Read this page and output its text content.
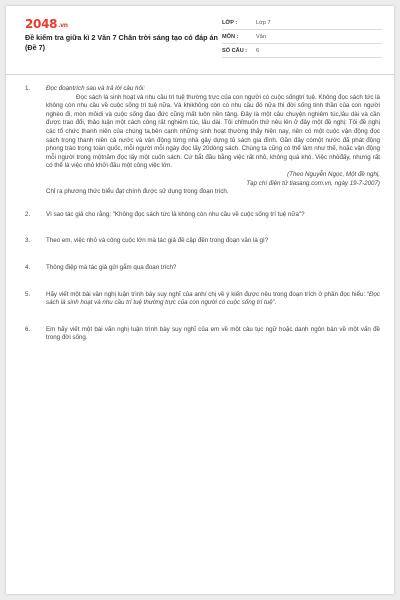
2048.vn
Đề kiểm tra giữa kì 2 Văn 7 Chân trời sáng tạo có đáp án (Đề 7)
LỚP :	Lớp 7
MÔN :	Văn
SỐ CÂU :	6
1.	Đọc đoạntrích sau và trả lời câu hỏi:
Đọc sách là sinh hoạt và nhu cầu trí tuệ thường trực của con người có cuộc sốngtrí tuệ. Không đọc sách tức là không còn nhu cầu về cuộc sống trí tuệ nữa. Và khikhông còn có nhu cầu đó nữa thì đời sống tinh thần của con người nghèo đi, mòn mỏidi và cuộc sống đạo đức cũng mất luôn nền tảng. Đây là một câu chuyện nghiêm túc,lâu dài và cần được trao đổi, thảo luận một cách công rất nghiêm túc, lâu dài. Tôi chỉmuốn thử nêu lên ở đây một đề nghị: Tôi đề nghị các tổ chức thanh niên của chúng ta,bên cạnh những sinh hoạt thường thấy hiện nay, nên có một cuộc vận động đọc sách trong thanh niên cả nước và vận động từng nhà gây dựng tủ sách gia đình. Gần đây cómột nước đã phát động phong trào trong toàn quốc, mỗi người mỗi ngày đọc lấy 20dòng sách. Chúng ta cũng có thể làm như thế, hoặc vận động mỗi người trong mộtnăm đọc lấy một cuốn sách. Cứ bắt đầu bằng việc rất nhỏ, không quá khó. Việc nhỏđấy, nhưng rất có thể là việc nhỏ khởi đầu một công việc lớn.
(Theo Nguyễn Ngọc, Một đề nghị,
Tạp chí điện tử tiasang.com.vn, ngày 19-7-2007)
Chỉ ra phương thức biểu đạt chính được sử dụng trong đoạn trích.
2.	Vì sao tác giả cho rằng: "Không đọc sách tức là không còn nhu cầu về cuộc sống trí tuệ nữa"?
3.	Theo em, việc nhỏ và công cuộc lớn mà tác giả đề cập đến trong đoạn văn là gì?
4.	Thông điệp mà tác giả gửi gắm qua đoạn trích?
5.	Hãy viết một bài văn nghị luận trình bày suy nghĩ của anh/ chị về ý kiến được nêu trong đoạn trích ở phần đọc hiểu: “Đọc sách là sinh hoạt và nhu cầu trí tuệ thường trực của con người có cuộc sống trí tuệ”.
6.	Em hãy viết một bài văn nghị luận trình bày suy nghĩ của em về một câu tục ngữ hoặc danh ngôn bàn về một vấn đề trong đời sống.
